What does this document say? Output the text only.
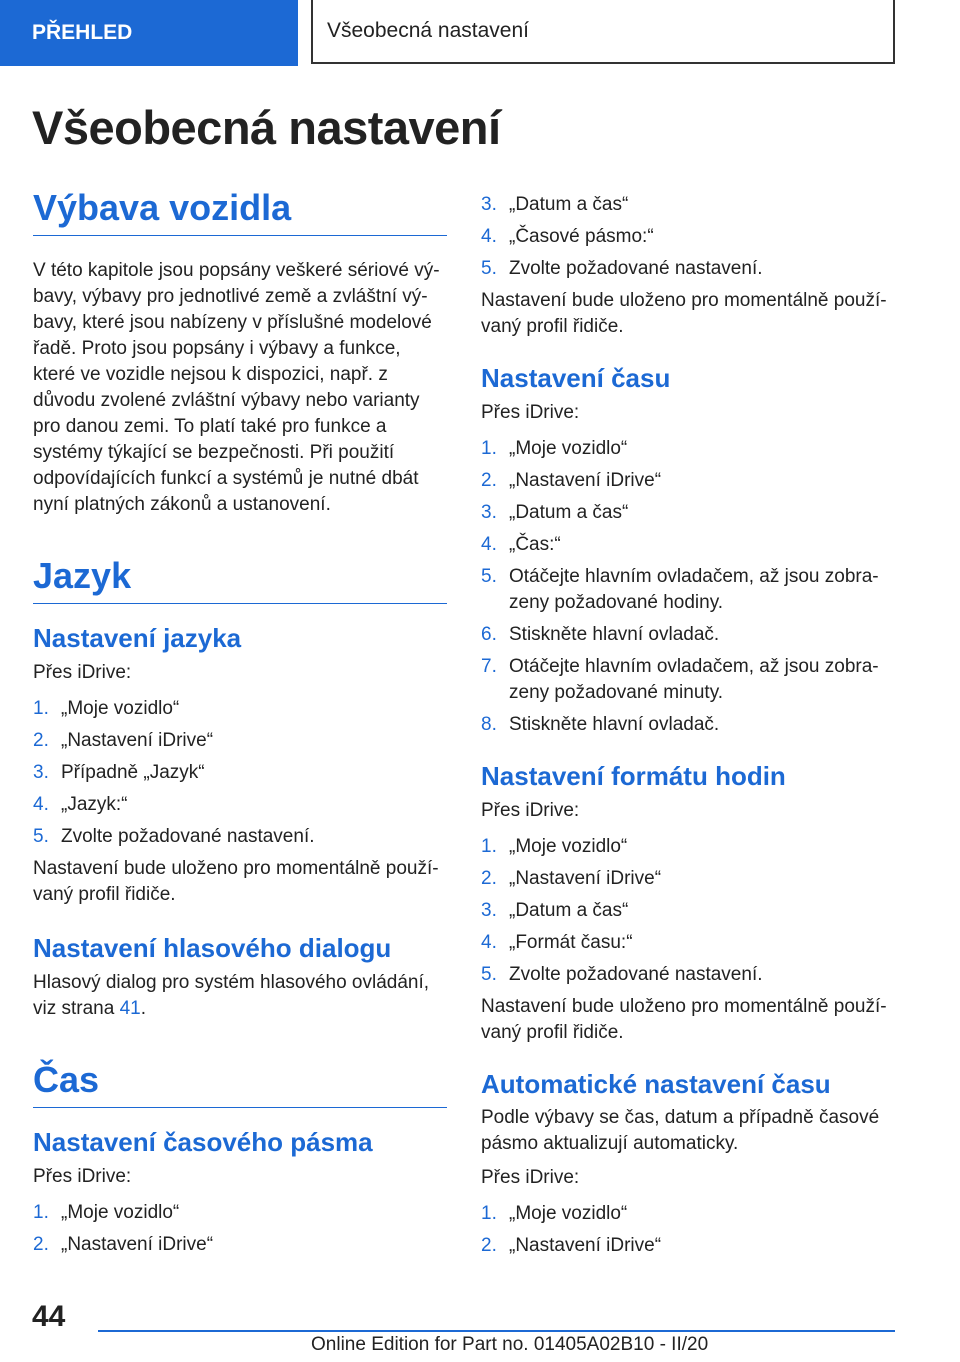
PŘEHLED	Všeobecná nastavení
Všeobecná nastavení
Výbava vozidla

V této kapitole jsou popsány veškeré sériové výbavy, výbavy pro jednotlivé země a zvláštní výbavy, které jsou nabízeny v příslušné modelové řadě. Proto jsou popsány i výbavy a funkce, které ve vozidle nejsou k dispozici, např. z důvodu zvolené zvláštní výbavy nebo varianty pro danou zemi. To platí také pro funkce a systémy týkající se bezpečnosti. Při použití odpovídajících funkcí a systémů je nutné dbát nyní platných zákonů a ustanovení.

Jazyk
Nastavení jazyka

Přes iDrive:

1. „Moje vozidlo“
2. „Nastavení iDrive“
3. Případně „Jazyk“
4. „Jazyk:“
5. Zvolte požadované nastavení.

Nastavení bude uloženo pro momentálně používaný profil řidiče.

Nastavení hlasového dialogu

Hlasový dialog pro systém hlasového ovládání, viz strana 41.

Čas
Nastavení časového pásma

Přes iDrive:

1. „Moje vozidlo“
2. „Nastavení iDrive“
3. „Datum a čas“
4. „Časové pásmo:“
5. Zvolte požadované nastavení.

Nastavení bude uloženo pro momentálně používaný profil řidiče.

Nastavení času

Přes iDrive:

1. „Moje vozidlo“
2. „Nastavení iDrive“
3. „Datum a čas“
4. „Čas:“
5. Otáčejte hlavním ovladačem, až jsou zobrazeny požadované hodiny.
6. Stiskněte hlavní ovladač.
7. Otáčejte hlavním ovladačem, až jsou zobrazeny požadované minuty.
8. Stiskněte hlavní ovladač.
Nastavení formátu hodin

Přes iDrive:

1. „Moje vozidlo“
2. „Nastavení iDrive“
3. „Datum a čas“
4. „Formát času:“
5. Zvolte požadované nastavení.

Nastavení bude uloženo pro momentálně používaný profil řidiče.

Automatické nastavení času

Podle výbavy se čas, datum a případně časové pásmo aktualizují automaticky.

Přes iDrive:

1. „Moje vozidlo“
2. „Nastavení iDrive“
44
Online Edition for Part no. 01405A02B10 - II/20
